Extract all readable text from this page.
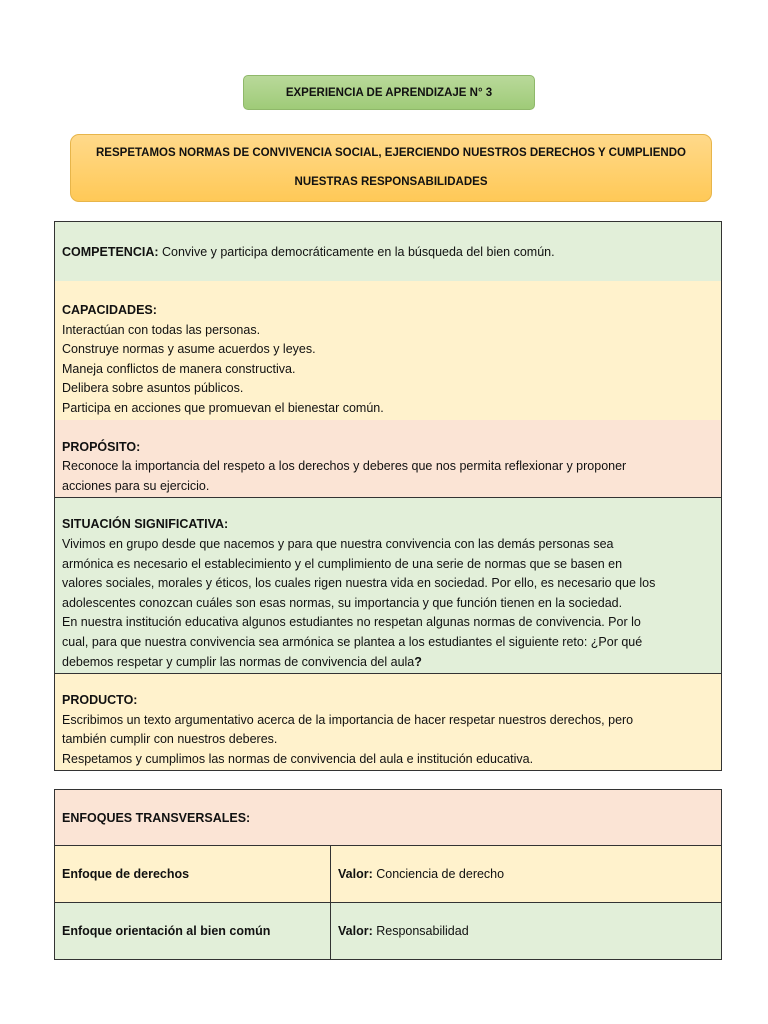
EXPERIENCIA DE APRENDIZAJE N° 3
RESPETAMOS NORMAS DE CONVIVENCIA SOCIAL, EJERCIENDO NUESTROS DERECHOS Y CUMPLIENDO
NUESTRAS RESPONSABILIDADES
COMPETENCIA: Convive y participa democráticamente en la búsqueda del bien común.

CAPACIDADES:
Interactúan con todas las personas.
Construye normas y asume acuerdos y leyes.
Maneja conflictos de manera constructiva.
Delibera sobre asuntos públicos.
Participa en acciones que promuevan el bienestar común.

PROPÓSITO:
Reconoce la importancia del respeto a los derechos y deberes que nos permita reflexionar y proponer
acciones para su ejercicio.

SITUACIÓN SIGNIFICATIVA:
Vivimos en grupo desde que nacemos y para que nuestra convivencia con las demás personas sea
armónica es necesario el establecimiento y el cumplimiento de una serie de normas que se basen en
valores sociales, morales y éticos, los cuales rigen nuestra vida en sociedad. Por ello, es necesario que los
adolescentes conozcan cuáles son esas normas, su importancia y que función tienen en la sociedad.
En nuestra institución educativa algunos estudiantes no respetan algunas normas de convivencia. Por lo
cual, para que nuestra convivencia sea armónica se plantea a los estudiantes el siguiente reto: ¿Por qué
debemos respetar y cumplir las normas de convivencia del aula?

PRODUCTO:
Escribimos un texto argumentativo acerca de la importancia de hacer respetar nuestros derechos, pero
también cumplir con nuestros deberes.
Respetamos y cumplimos las normas de convivencia del aula e institución educativa.
ENFOQUES TRANSVERSALES:	
Enfoque de derechos	Valor: Conciencia de derecho
Enfoque orientación al bien común	Valor: Responsabilidad
